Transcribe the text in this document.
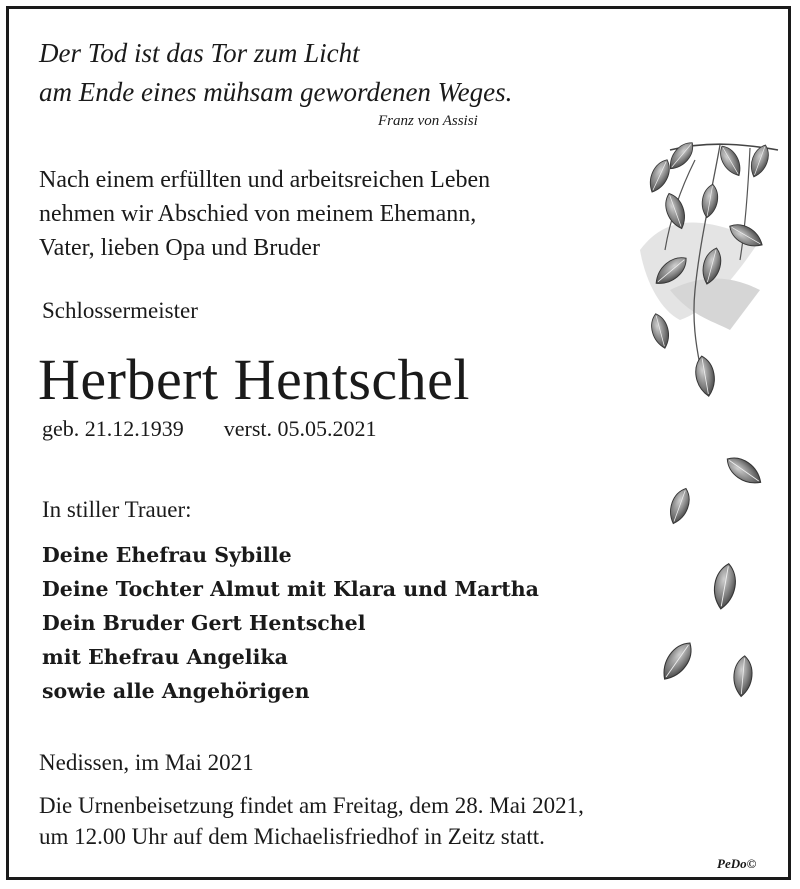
Der Tod ist das Tor zum Licht
am Ende eines mühsam gewordenen Weges.
Franz von Assisi
Nach einem erfüllten und arbeitsreichen Leben
nehmen wir Abschied von meinem Ehemann,
Vater, lieben Opa und Bruder
Schlossermeister
Herbert Hentschel
geb. 21.12.1939 verst. 05.05.2021
In stiller Trauer:
Deine Ehefrau Sybille
Deine Tochter Almut mit Klara und Martha
Dein Bruder Gert Hentschel
mit Ehefrau Angelika
sowie alle Angehörigen
Nedissen, im Mai 2021
Die Urnenbeisetzung findet am Freitag, dem 28. Mai 2021,
um 12.00 Uhr auf dem Michaelisfriedhof in Zeitz statt.
PeDo©
